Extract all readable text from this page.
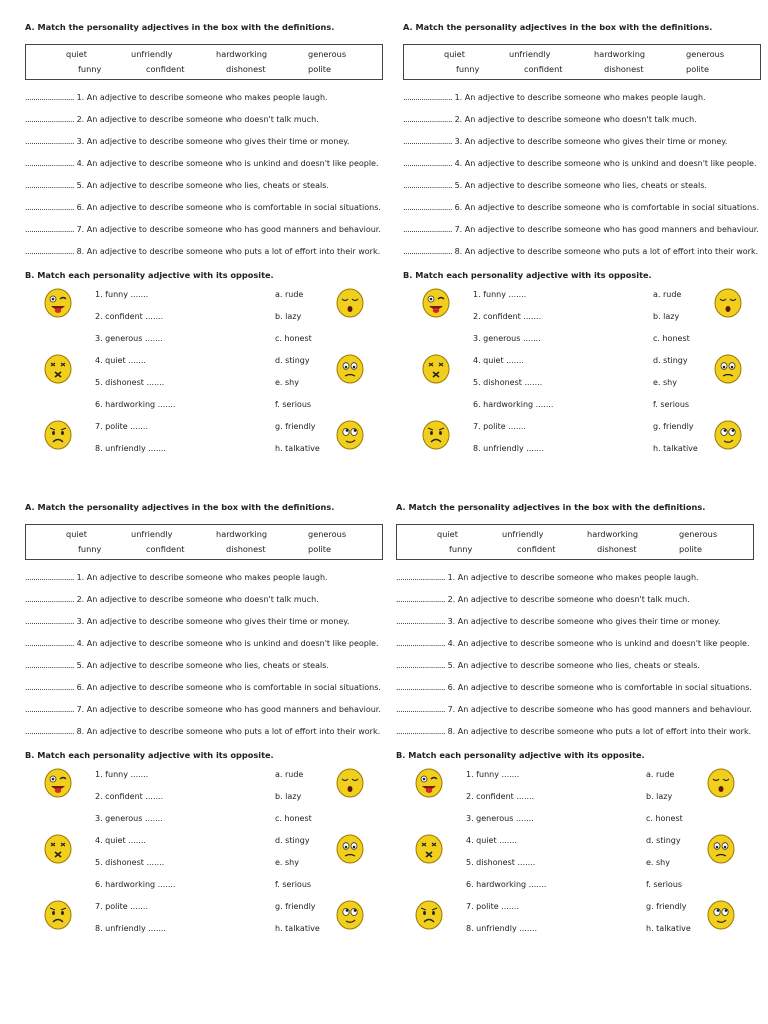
A. Match the personality adjectives in the box with the definitions.
quiet	unfriendly	hardworking	generous
funny	confident	dishonest	polite
........................ 1. An adjective to describe someone who makes people laugh.
........................ 2. An adjective to describe someone who doesn't talk much.
........................ 3. An adjective to describe someone who gives their time or money.
........................ 4. An adjective to describe someone who is unkind and doesn't like people.
........................ 5. An adjective to describe someone who lies, cheats or steals.
........................ 6. An adjective to describe someone who is comfortable in social situations.
........................ 7. An adjective to describe someone who has good manners and behaviour.
........................ 8. An adjective to describe someone who puts a lot of effort into their work.
B. Match each personality adjective with its opposite.
1. funny .......
2. confident .......
3. generous .......
4. quiet .......
5. dishonest .......
6. hardworking .......
7. polite .......
8. unfriendly .......
a. rude
b. lazy
c. honest
d. stingy
e. shy
f. serious
g. friendly
h. talkative
A. Match the personality adjectives in the box with the definitions.
quiet	unfriendly	hardworking	generous
funny	confident	dishonest	polite
........................ 1. An adjective to describe someone who makes people laugh.
........................ 2. An adjective to describe someone who doesn't talk much.
........................ 3. An adjective to describe someone who gives their time or money.
........................ 4. An adjective to describe someone who is unkind and doesn't like people.
........................ 5. An adjective to describe someone who lies, cheats or steals.
........................ 6. An adjective to describe someone who is comfortable in social situations.
........................ 7. An adjective to describe someone who has good manners and behaviour.
........................ 8. An adjective to describe someone who puts a lot of effort into their work.
B. Match each personality adjective with its opposite.
1. funny .......
2. confident .......
3. generous .......
4. quiet .......
5. dishonest .......
6. hardworking .......
7. polite .......
8. unfriendly .......
a. rude
b. lazy
c. honest
d. stingy
e. shy
f. serious
g. friendly
h. talkative
A. Match the personality adjectives in the box with the definitions.
quiet	unfriendly	hardworking	generous
funny	confident	dishonest	polite
........................ 1. An adjective to describe someone who makes people laugh.
........................ 2. An adjective to describe someone who doesn't talk much.
........................ 3. An adjective to describe someone who gives their time or money.
........................ 4. An adjective to describe someone who is unkind and doesn't like people.
........................ 5. An adjective to describe someone who lies, cheats or steals.
........................ 6. An adjective to describe someone who is comfortable in social situations.
........................ 7. An adjective to describe someone who has good manners and behaviour.
........................ 8. An adjective to describe someone who puts a lot of effort into their work.
B. Match each personality adjective with its opposite.
1. funny .......
2. confident .......
3. generous .......
4. quiet .......
5. dishonest .......
6. hardworking .......
7. polite .......
8. unfriendly .......
a. rude
b. lazy
c. honest
d. stingy
e. shy
f. serious
g. friendly
h. talkative
A. Match the personality adjectives in the box with the definitions.
quiet	unfriendly	hardworking	generous
funny	confident	dishonest	polite
........................ 1. An adjective to describe someone who makes people laugh.
........................ 2. An adjective to describe someone who doesn't talk much.
........................ 3. An adjective to describe someone who gives their time or money.
........................ 4. An adjective to describe someone who is unkind and doesn't like people.
........................ 5. An adjective to describe someone who lies, cheats or steals.
........................ 6. An adjective to describe someone who is comfortable in social situations.
........................ 7. An adjective to describe someone who has good manners and behaviour.
........................ 8. An adjective to describe someone who puts a lot of effort into their work.
B. Match each personality adjective with its opposite.
1. funny .......
2. confident .......
3. generous .......
4. quiet .......
5. dishonest .......
6. hardworking .......
7. polite .......
8. unfriendly .......
a. rude
b. lazy
c. honest
d. stingy
e. shy
f. serious
g. friendly
h. talkative
